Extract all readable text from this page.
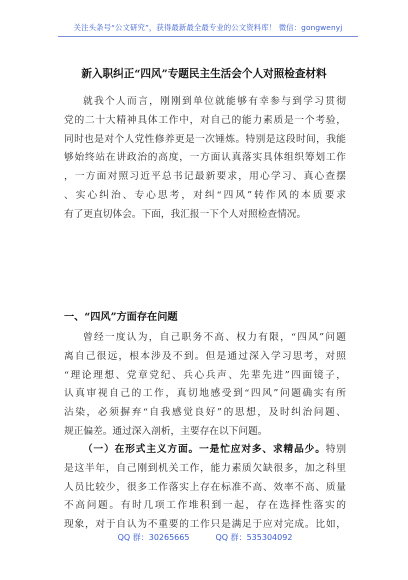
关注头条号“公文研究”，获得最新最全最专业的公文资料库！ 微信：gongwenyj
新入职纠正“四风”专题民主生活会个人对照检查材料
就我个人而言，刚刚到单位就能够有幸参与到学习贯彻
党的二十大精神具体工作中，对自己的能力素质是一个考验，
同时也是对个人党性修养更是一次锤炼。特别是这段时间，我能
够始终站在讲政治的高度，一方面认真落实具体组织筹划工作
，一方面对照习近平总书记最新要求，用心学习、真心查摆
、实心纠治、专心思考，对纠“四风”转作风的本质要求
有了更直切体会。下面，我汇报一下个人对照检查情况。
一、“四风”方面存在问题
曾经一度认为，自己职务不高、权力有限，“四风”问题
离自己很远，根本涉及不到。但是通过深入学习思考，对照
“理论理想、党章党纪、兵心兵声、先辈先进”四面镜子，
认真审视自己的工作，真切地感受到“四风”问题确实有所
沾染，必须摒弃“自我感觉良好”的思想，及时纠治问题、
规正偏差。通过深入剖析，主要存在以下问题。
（一）在形式主义方面。一是忙应对多、求精品少。特别
是这半年，自己刚到机关工作，能力素质欠缺很多，加之科里
人员比较少，很多工作落实上存在标准不高、效率不高、质量
不高问题。有时几项工作堆积到一起，存在选择性落实的
现象，对于自认为不重要的工作只是满足于应对完成。比如，
QQ 群：30265665	QQ 群：535304092
